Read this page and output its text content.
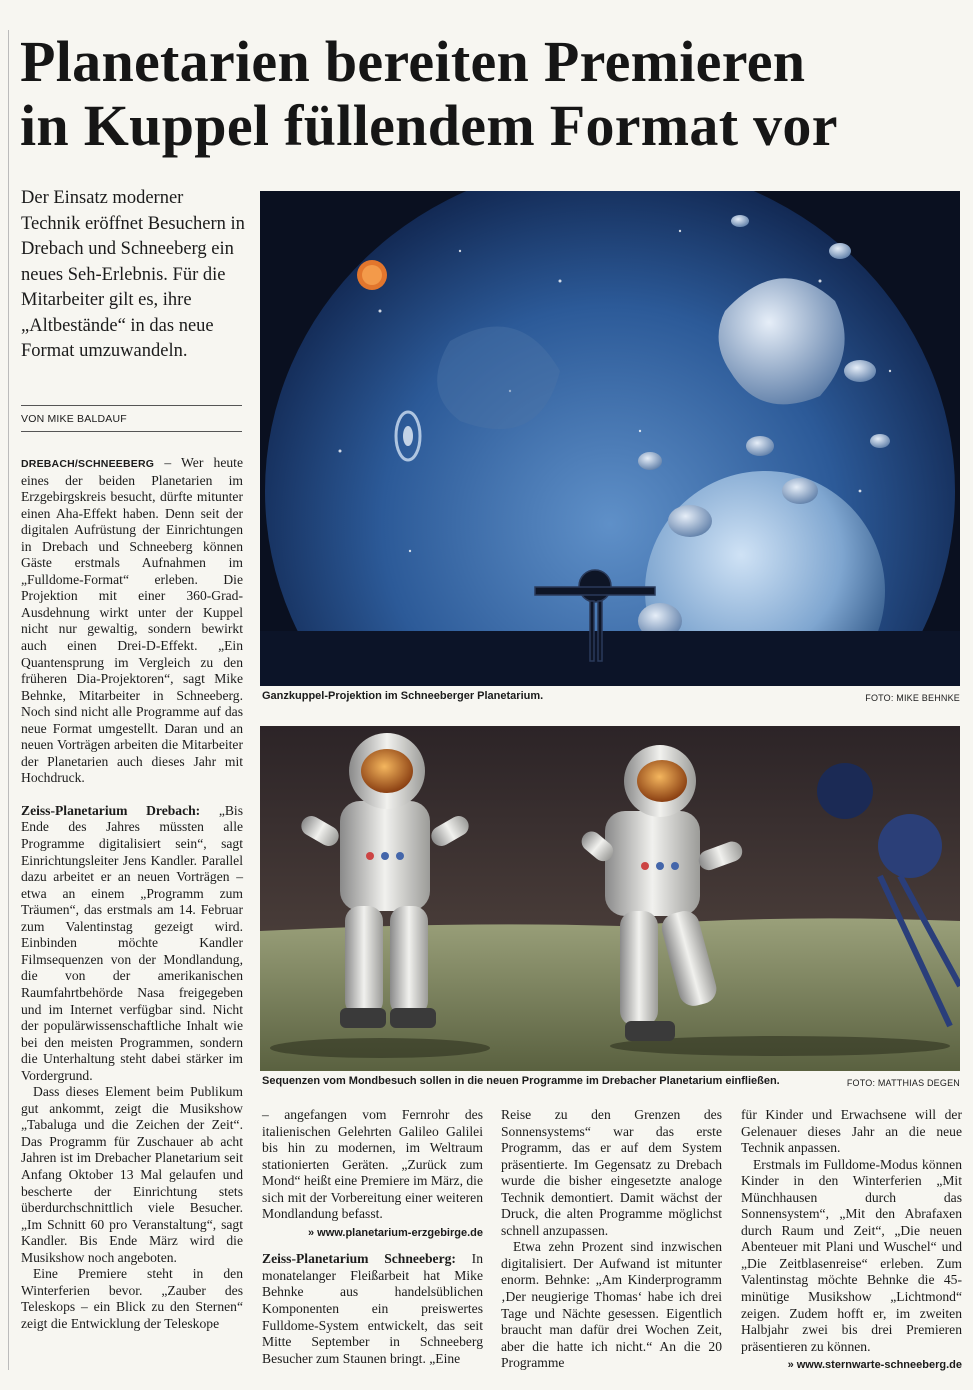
Planetarien bereiten Premieren
in Kuppel füllendem Format vor

Der Einsatz moderner Technik eröffnet Besuchern in Drebach und Schneeberg ein neues Seh-Erlebnis. Für die Mitarbeiter gilt es, ihre „Altbestände“ in das neue Format umzuwandeln.

VON MIKE BALDAUF

DREBACH/SCHNEEBERG – Wer heute eines der beiden Planetarien im Erzgebirgskreis besucht, dürfte mitunter einen Aha-Effekt haben. Denn seit der digitalen Aufrüstung der Einrichtungen in Drebach und Schneeberg können Gäste erstmals Aufnahmen im „Fulldome-Format“ erleben. Die Projektion mit einer 360-Grad-Ausdehnung wirkt unter der Kuppel nicht nur gewaltig, sondern bewirkt auch einen Drei-D-Effekt. „Ein Quantensprung im Vergleich zu den früheren Dia-Projektoren“, sagt Mike Behnke, Mitarbeiter in Schneeberg. Noch sind nicht alle Programme auf das neue Format umgestellt. Daran und an neuen Vorträgen arbeiten die Mitarbeiter der Planetarien auch dieses Jahr mit Hochdruck.

Zeiss-Planetarium Drebach: „Bis Ende des Jahres müssten alle Programme digitalisiert sein“, sagt Einrichtungsleiter Jens Kandler. Parallel dazu arbeitet er an neuen Vorträgen – etwa an einem „Programm zum Träumen“, das erstmals am 14. Februar zum Valentinstag gezeigt wird. Einbinden möchte Kandler Filmsequenzen von der Mondlandung, die von der amerikanischen Raumfahrtbehörde Nasa freigegeben und im Internet verfügbar sind. Nicht der populärwissenschaftliche Inhalt wie bei den meisten Programmen, sondern die Unterhaltung steht dabei stärker im Vordergrund.

Dass dieses Element beim Publikum gut ankommt, zeigt die Musikshow „Tabaluga und die Zeichen der Zeit“. Das Programm für Zuschauer ab acht Jahren ist im Drebacher Planetarium seit Anfang Oktober 13 Mal gelaufen und bescherte der Einrichtung stets überdurchschnittlich viele Besucher. „Im Schnitt 60 pro Veranstaltung“, sagt Kandler. Bis Ende März wird die Musikshow noch angeboten.

Eine Premiere steht in den Winterferien bevor. „Zauber des Teleskops – ein Blick zu den Sternen“ zeigt die Entwicklung der Teleskope

Ganzkuppel-Projektion im Schneeberger Planetarium.	FOTO: MIKE BEHNKE
Sequenzen vom Mondbesuch sollen in die neuen Programme im Drebacher Planetarium einfließen.	FOTO: MATTHIAS DEGEN

– angefangen vom Fernrohr des italienischen Gelehrten Galileo Galilei bis hin zu modernen, im Weltraum stationierten Geräten. „Zurück zum Mond“ heißt eine Premiere im März, die sich mit der Vorbereitung einer weiteren Mondlandung befasst.

» www.planetarium-erzgebirge.de

Zeiss-Planetarium Schneeberg: In monatelanger Fleißarbeit hat Mike Behnke aus handelsüblichen Komponenten ein preiswertes Fulldome-System entwickelt, das seit Mitte September in Schneeberg Besucher zum Staunen bringt. „Eine

Reise zu den Grenzen des Sonnensystems“ war das erste Programm, das er auf dem System präsentierte. Im Gegensatz zu Drebach wurde die bisher eingesetzte analoge Technik demontiert. Damit wächst der Druck, die alten Programme möglichst schnell anzupassen.

Etwa zehn Prozent sind inzwischen digitalisiert. Der Aufwand ist mitunter enorm. Behnke: „Am Kinderprogramm ‚Der neugierige Thomas‘ habe ich drei Tage und Nächte gesessen. Eigentlich braucht man dafür drei Wochen Zeit, aber die hatte ich nicht.“ An die 20 Programme

für Kinder und Erwachsene will der Gelenauer dieses Jahr an die neue Technik anpassen.

Erstmals im Fulldome-Modus können Kinder in den Winterferien „Mit Münchhausen durch das Sonnensystem“, „Mit den Abrafaxen durch Raum und Zeit“, „Die neuen Abenteuer mit Plani und Wuschel“ und „Die Zeitblasenreise“ erleben. Zum Valentinstag möchte Behnke die 45-minütige Musikshow „Lichtmond“ zeigen. Zudem hofft er, im zweiten Halbjahr zwei bis drei Premieren präsentieren zu können.

» www.sternwarte-schneeberg.de
